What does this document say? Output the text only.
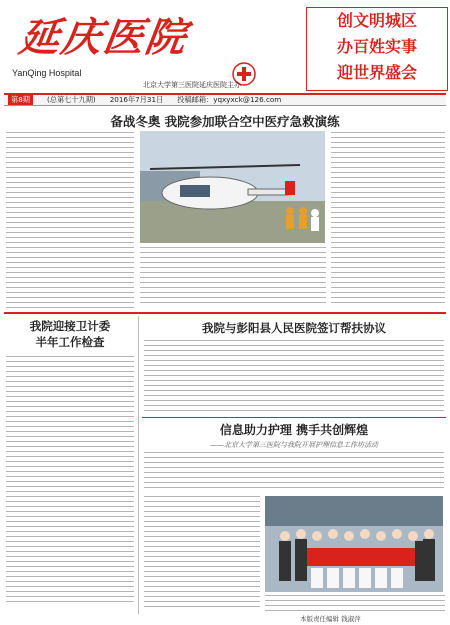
延庆医院
YanQing Hospital
北京大学第三医院延庆医院主办
创文明城区
办百姓实事
迎世界盛会
第8期	(总第七十九期) 2016年7月31日 投稿邮箱：yqxyxck@126.com
备战冬奥 我院参加联合空中医疗急救演练
我院迎接卫计委
半年工作检查
我院与彭阳县人民医院签订帮扶协议
信息助力护理 携手共创辉煌
——北京大学第三医院与我院开展护理信息工作坊活动
本版责任编辑 钱淑萍
